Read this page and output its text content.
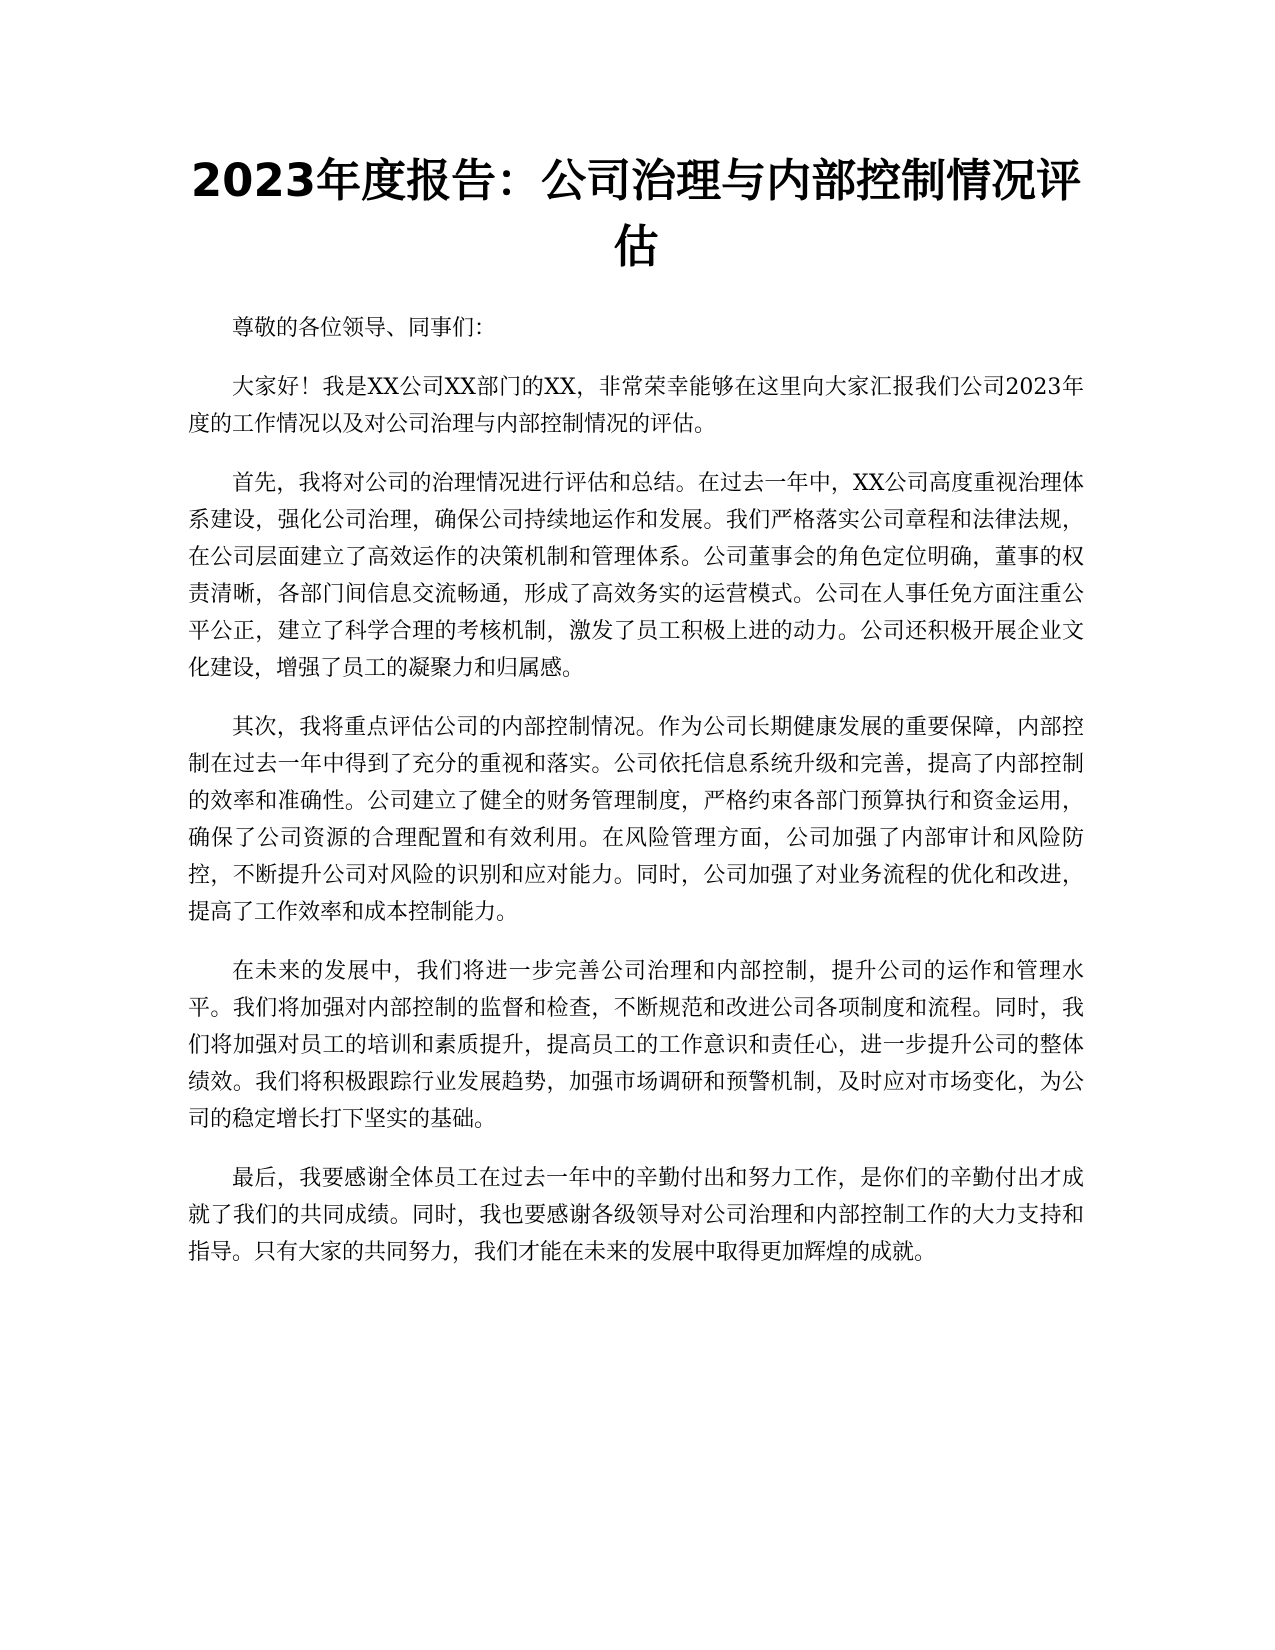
2023年度报告：公司治理与内部控制情况评估

尊敬的各位领导、同事们：

大家好！我是XX公司XX部门的XX，非常荣幸能够在这里向大家汇报我们公司2023年度的工作情况以及对公司治理与内部控制情况的评估。

首先，我将对公司的治理情况进行评估和总结。在过去一年中，XX公司高度重视治理体系建设，强化公司治理，确保公司持续地运作和发展。我们严格落实公司章程和法律法规，在公司层面建立了高效运作的决策机制和管理体系。公司董事会的角色定位明确，董事的权责清晰，各部门间信息交流畅通，形成了高效务实的运营模式。公司在人事任免方面注重公平公正，建立了科学合理的考核机制，激发了员工积极上进的动力。公司还积极开展企业文化建设，增强了员工的凝聚力和归属感。

其次，我将重点评估公司的内部控制情况。作为公司长期健康发展的重要保障，内部控制在过去一年中得到了充分的重视和落实。公司依托信息系统升级和完善，提高了内部控制的效率和准确性。公司建立了健全的财务管理制度，严格约束各部门预算执行和资金运用，确保了公司资源的合理配置和有效利用。在风险管理方面，公司加强了内部审计和风险防控，不断提升公司对风险的识别和应对能力。同时，公司加强了对业务流程的优化和改进，提高了工作效率和成本控制能力。

在未来的发展中，我们将进一步完善公司治理和内部控制，提升公司的运作和管理水平。我们将加强对内部控制的监督和检查，不断规范和改进公司各项制度和流程。同时，我们将加强对员工的培训和素质提升，提高员工的工作意识和责任心，进一步提升公司的整体绩效。我们将积极跟踪行业发展趋势，加强市场调研和预警机制，及时应对市场变化，为公司的稳定增长打下坚实的基础。

最后，我要感谢全体员工在过去一年中的辛勤付出和努力工作，是你们的辛勤付出才成就了我们的共同成绩。同时，我也要感谢各级领导对公司治理和内部控制工作的大力支持和指导。只有大家的共同努力，我们才能在未来的发展中取得更加辉煌的成就。
